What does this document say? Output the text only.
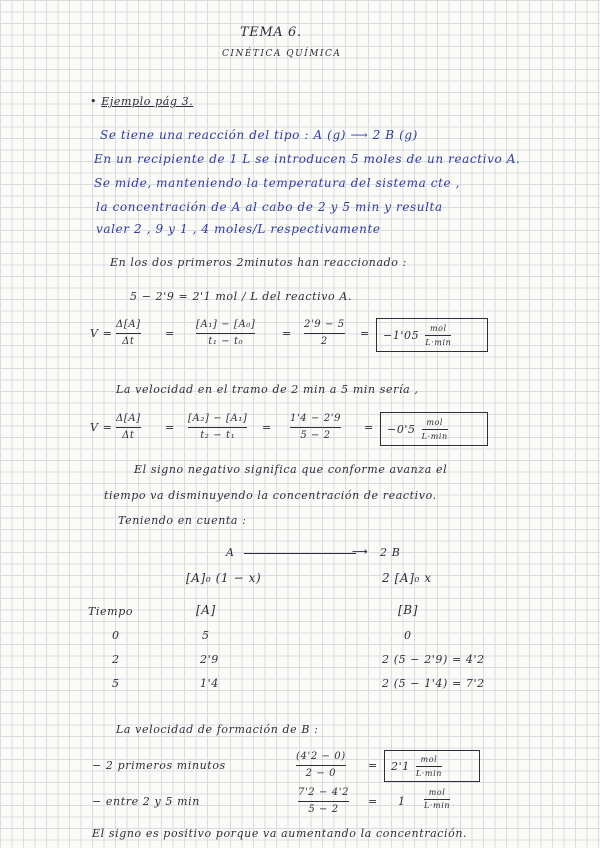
TEMA 6.
CINÉTICA QUÍMICA
• Ejemplo pág 3.
Se tiene una reacción del tipo : A (g) ⟶ 2 B (g)
En un recipiente de 1 L se introducen 5 moles de un reactivo A.
Se mide, manteniendo la temperatura del sistema cte ,
la concentración de A al cabo de 2 y 5 min y resulta
valer 2 , 9 y 1 , 4 moles/L respectivamente
En los dos primeros 2minutos han reaccionado :
5 − 2'9 = 2'1 mol / L del reactivo A.
V =
Δ[A]
Δt
=
[A₁] − [A₀]
t₁ − t₀
=
2'9 − 5
2
= −1'05
mol
L·min
La velocidad en el tramo de 2 min a 5 min sería ,
V =
Δ[A]
Δt
=
[A₂] − [A₁]
t₂ − t₁
=
1'4 − 2'9
5 − 2
= −0'5
mol
L·min
El signo negativo significa que conforme avanza el
tiempo va disminuyendo la concentración de reactivo.
Teniendo en cuenta :
A	⟶ 2 B
[A]₀ (1 − x)	2 [A]₀ x
Tiempo	[A]	[B]
0	5	0
2	2'9	2 (5 − 2'9) = 4'2
5	1'4	2 (5 − 1'4) = 7'2
La velocidad de formación de B :
− 2 primeros minutos
(4'2 − 0)
2 − 0
= 2'1
mol
L·min
− entre 2 y 5 min
7'2 − 4'2
5 − 2
= 1
mol
L·min
El signo es positivo porque va aumentando la concentración.
